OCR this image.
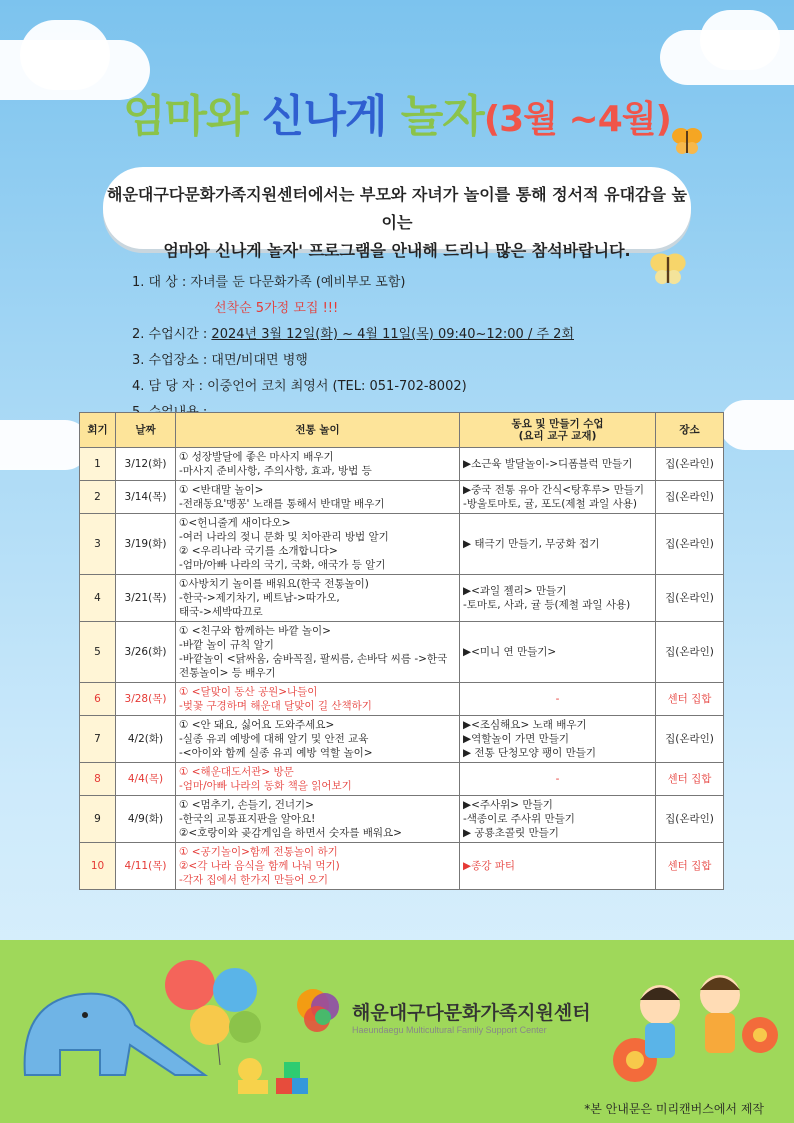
엄마와 신나게 놀자(3월 ~4월)
해운대구다문화가족지원센터에서는 부모와 자녀가 놀이를 통해 정서적 유대감을 높이는
엄마와 신나게 놀자' 프로그램을 안내해 드리니 많은 참석바랍니다.
1. 대 상 : 자녀를 둔 다문화가족 (예비부모 포함)
선착순 5가정 모집 !!!
2. 수업시간 : 2024년 3월 12일(화) ~ 4월 11일(목) 09:40~12:00 / 주 2회
3. 수업장소 : 대면/비대면 병행
4. 담 당 자 : 이중언어 코치 최영서 (TEL: 051-702-8002)
회기	날짜	전통 놀이	동요 및 만들기 수업
(요리 교구 교재)	장소
1	3/12(화)	① 성장발달에 좋은 마사지 배우기
-마사지 준비사항, 주의사항, 효과, 방법 등	▶소근육 발달놀이->디폼블럭 만들기	집(온라인)
2	3/14(목)	① <반대말 놀이>
-전래동요'맹꽁' 노래를 통해서 반대말 배우기	▶중국 전통 유아 간식<탕후루> 만들기
-방울토마토, 귤, 포도(제철 과일 사용)	집(온라인)
3	3/19(화)	①<헌니줄게 새이다오>
-여러 나라의 젖니 문화 및 치아관리 방법 알기
② <우리나라 국기를 소개합니다>
-엄마/아빠 나라의 국기, 국화, 애국가 등 알기	▶ 태극기 만들기, 무궁화 접기	집(온라인)
4	3/21(목)	①사방치기 놀이를 배워요(한국 전통놀이)
-한국->제기차기, 베트남->따가오,
태국->세박따끄로	▶<과일 젤리> 만들기
-토마토, 사과, 귤 등(제철 과일 사용)	집(온라인)
5	3/26(화)	① <친구와 함께하는 바깥 놀이>
-바깥 놀이 규칙 알기
-바깥놀이 <닭싸움, 숨바꼭질, 팔씨름, 손바닥 씨름 ->한국 전통놀이> 등 배우기	▶<미니 연 만들기>	집(온라인)
6	3/28(목)	① <달맞이 동산 공원>나들이
-벚꽃 구경하며 해운대 달맞이 길 산책하기	-	센터 집합
7	4/2(화)	① <안 돼요, 싫어요 도와주세요>
-실종 유괴 예방에 대해 알기 및 안전 교육
-<아이와 함께 실종 유괴 예방 역할 놀이>	▶<조심해요> 노래 배우기
▶역할놀이 가면 만들기
▶ 전통 단청모양 팽이 만들기	집(온라인)
8	4/4(목)	① <해운대도서관> 방문
-엄마/아빠 나라의 동화 책을 읽어보기	-	센터 집합
9	4/9(화)	① <멈추기, 손들기, 건너기>
-한국의 교통표지판을 알아요!
②<호랑이와 곶감게임을 하면서 숫자를 배워요>	▶<주사위> 만들기
-색종이로 주사위 만들기
▶ 공룡초콜릿 만들기	집(온라인)
10	4/11(목)	① <공기놀이>함께 전통놀이 하기
②<각 나라 음식을 함께 나눠 먹기)
-각자 집에서 한가지 만들어 오기	▶종강 파티	센터 집합
해운대구다문화가족지원센터
Haeundaegu Multicultural Family Support Center
*본 안내문은 미리캔버스에서 제작
